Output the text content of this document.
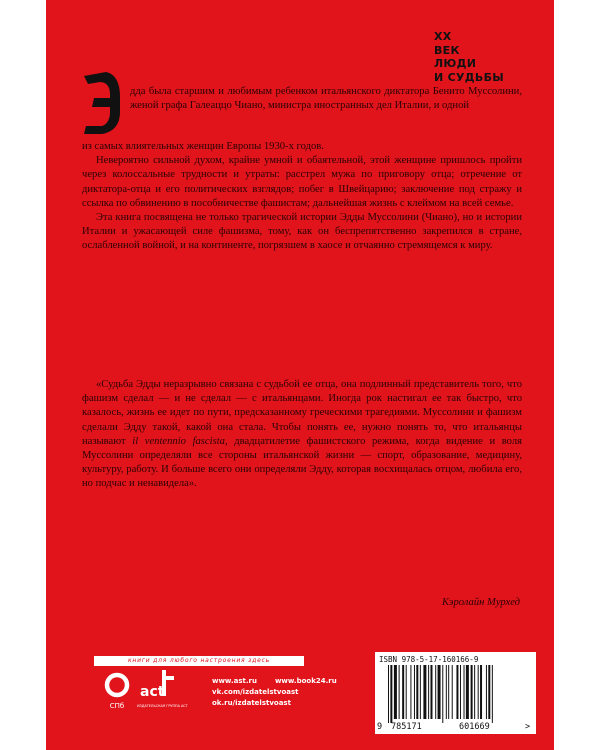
XX
ВЕК
ЛЮДИ
И СУДЬБЫ

дда была старшим и любимым ребенком итальянского диктатора Бенито Муссолини, женой графа Галеаццо Чиано, министра иностранных дел Италии, и одной

из самых влиятельных женщин Европы 1930-х годов.

Невероятно сильной духом, крайне умной и обаятельной, этой женщине пришлось пройти через колоссальные трудности и утраты: расстрел мужа по приговору отца; отречение от диктатора-отца и его политических взглядов; побег в Швейцарию; заключение под стражу и ссылка по обвинению в пособничестве фашистам; дальнейшая жизнь с клеймом на всей семье.

Эта книга посвящена не только трагической истории Эдды Муссолини (Чиано), но и истории Италии и ужасающей силе фашизма, тому, как он беспрепятственно закрепился в стране, ослабленной войной, и на континенте, погрязшем в хаосе и отчаянно стремящемся к миру.

«Судьба Эдды неразрывно связана с судьбой ее отца, она подлинный представитель того, что фашизм сделал — и не сделал — с итальянцами. Иногда рок настигал ее так быстро, что казалось, жизнь ее идет по пути, предсказанному греческими трагедиями. Муссолини и фашизм сделали Эдду такой, какой она стала. Чтобы понять ее, нужно понять то, что итальянцы называют il ventennio fascista, двадцатилетие фашистского режима, когда видение и воля Муссолини определяли все стороны итальянской жизни — спорт, образование, медицину, культуру, работу. И больше всего они определяли Эдду, которая восхищалась отцом, любила его, но подчас и ненавидела».

Кэролайн Мурхед
книги для любого настроения здесь
СПб
act
ИЗДАТЕЛЬСКАЯ ГРУППА АСТ
www.ast.ru	www.book24.ru
vk.com/izdatelstvoast
ok.ru/izdatelstvoast
ISBN 978-5-17-160166-9
9 785171	601669	>
